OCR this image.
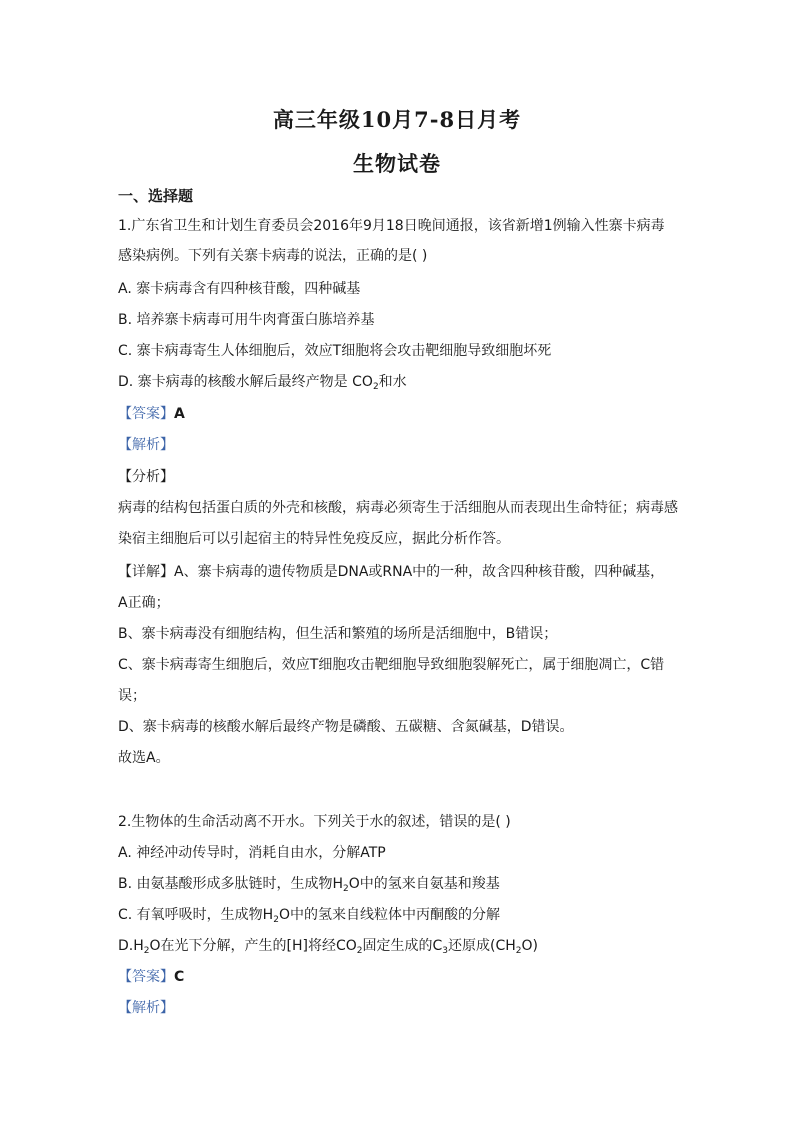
高三年级10月7-8日月考
生物试卷
一、选择题
1.广东省卫生和计划生育委员会2016年9月18日晚间通报，该省新增1例输入性寨卡病毒
感染病例。下列有关寨卡病毒的说法，正确的是( )
A. 寨卡病毒含有四种核苷酸，四种碱基
B. 培养寨卡病毒可用牛肉膏蛋白胨培养基
C. 寨卡病毒寄生人体细胞后，效应T细胞将会攻击靶细胞导致细胞坏死
D. 寨卡病毒的核酸水解后最终产物是 $CO_2$和水
【答案】A
【解析】
【分析】
病毒的结构包括蛋白质的外壳和核酸，病毒必须寄生于活细胞从而表现出生命特征；病毒感
染宿主细胞后可以引起宿主的特异性免疫反应，据此分析作答。
【详解】A、寨卡病毒的遗传物质是DNA或RNA中的一种，故含四种核苷酸，四种碱基，
A正确；
B、寨卡病毒没有细胞结构，但生活和繁殖的场所是活细胞中，B错误；
C、寨卡病毒寄生细胞后，效应T细胞攻击靶细胞导致细胞裂解死亡，属于细胞凋亡，C错
误；
D、寨卡病毒的核酸水解后最终产物是磷酸、五碳糖、含氮碱基，D错误。
故选A。
2.生物体的生命活动离不开水。下列关于水的叙述，错误的是( )
A. 神经冲动传导时，消耗自由水，分解ATP
B. 由氨基酸形成多肽链时，生成物$H_2O$中的氢来自氨基和羧基
C. 有氧呼吸时，生成物$H_2O$中的氢来自线粒体中丙酮酸的分解
$D.H_2O$在光下分解，产生的[H]将经$CO_2$固定生成的$C_3$还原成$(CH_2O)$
【答案】C
【解析】
